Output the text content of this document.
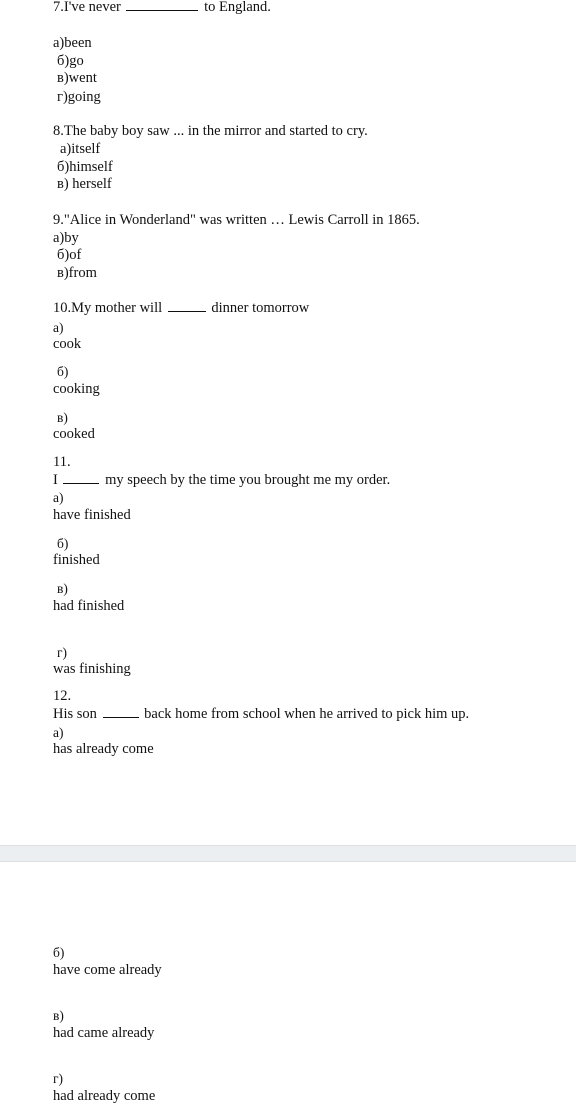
7.I've never	to England.
а)been
б)go
в)went
г)going
8.The baby boy saw ... in the mirror and started to cry.
а)itself
б)himself
в) herself
9."Alice in Wonderland" was written … Lewis Carroll in 1865.
а)by
б)of
в)from
10.My mother will	dinner tomorrow
а)
cook
б)
cooking
в)
cooked
11.
I	my speech by the time you brought me my order.
а)
have finished
б)
finished
в)
had finished
г)
was finishing
12.
His son	back home from school when he arrived to pick him up.
а)
has already come
б)
have come already
в)
had came already
г)
had already come
